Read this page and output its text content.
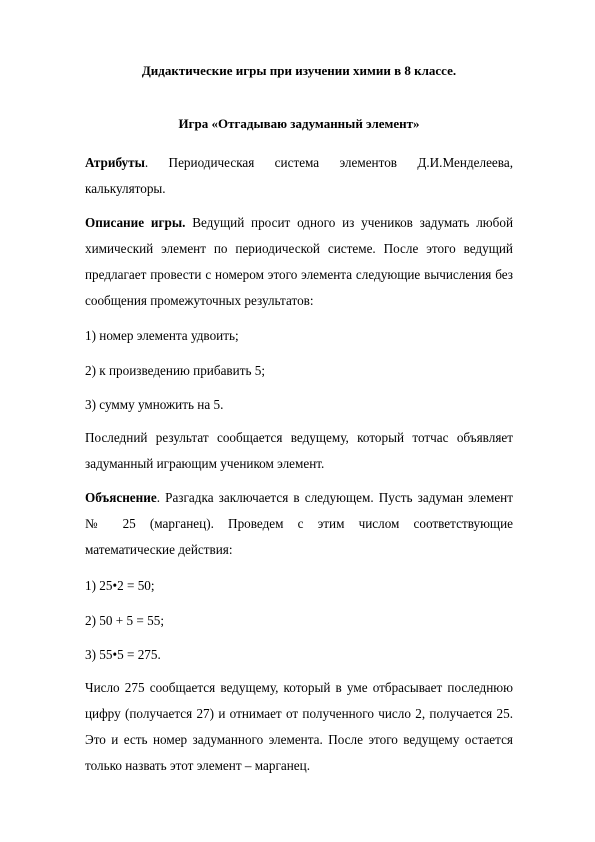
Дидактические игры при изучении химии в 8 классе.
Игра «Отгадываю задуманный элемент»
Атрибуты. Периодическая система элементов Д.И.Менделеева, калькуляторы.
Описание игры. Ведущий просит одного из учеников задумать любой химический элемент по периодической системе. После этого ведущий предлагает провести с номером этого элемента следующие вычисления без сообщения промежуточных результатов:
1) номер элемента удвоить;
2) к произведению прибавить 5;
3) сумму умножить на 5.
Последний результат сообщается ведущему, который тотчас объявляет задуманный играющим учеником элемент.
Объяснение. Разгадка заключается в следующем. Пусть задуман элемент № 25 (марганец). Проведем с этим числом соответствующие математические действия:
1) 25•2 = 50;
2) 50 + 5 = 55;
3) 55•5 = 275.
Число 275 сообщается ведущему, который в уме отбрасывает последнюю цифру (получается 27) и отнимает от полученного число 2, получается 25. Это и есть номер задуманного элемента. После этого ведущему остается только назвать этот элемент – марганец.
